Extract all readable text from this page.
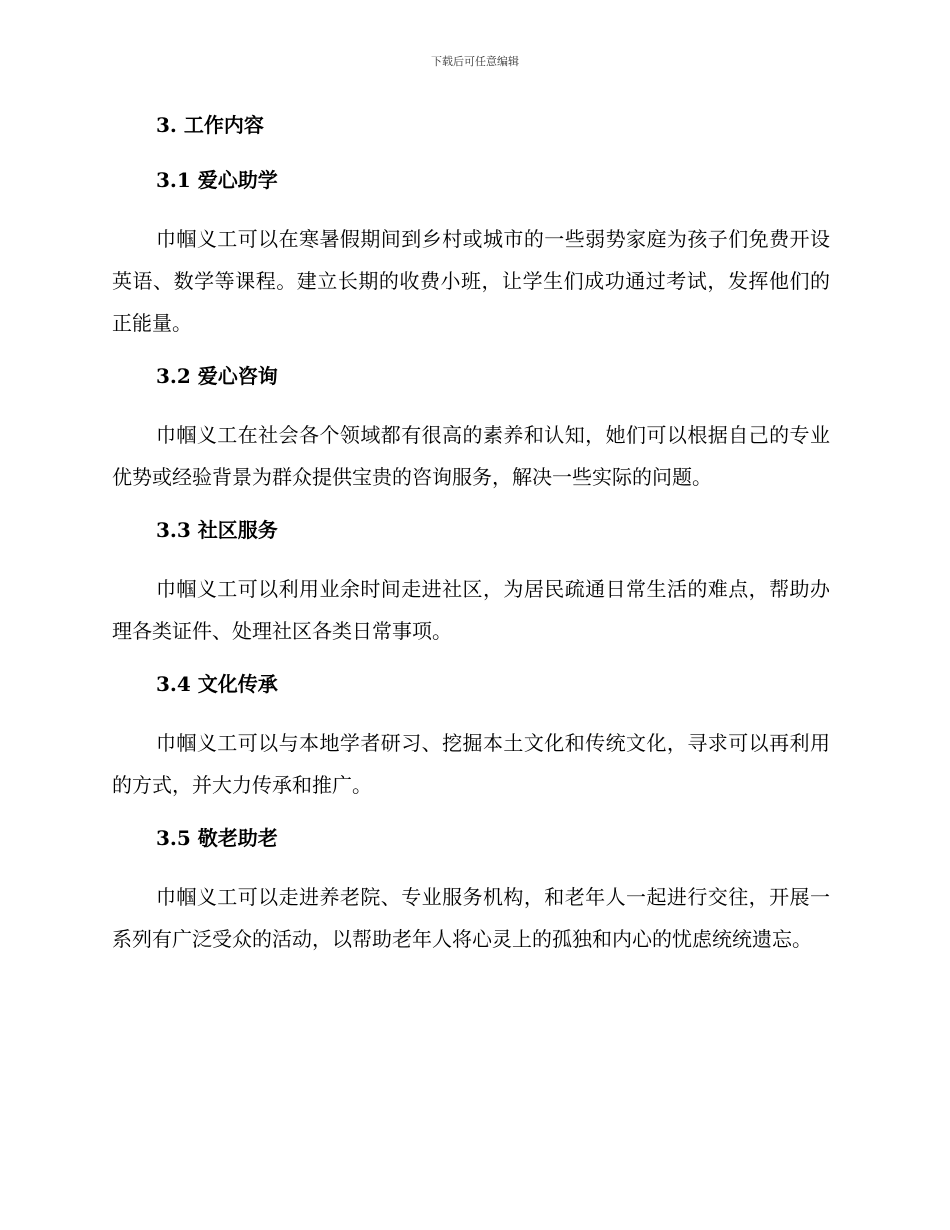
下载后可任意编辑
3. 工作内容
3.1 爱心助学

巾帼义工可以在寒暑假期间到乡村或城市的一些弱势家庭为孩子们免费开设英语、数学等课程。建立长期的收费小班，让学生们成功通过考试，发挥他们的正能量。

3.2 爱心咨询

巾帼义工在社会各个领域都有很高的素养和认知，她们可以根据自己的专业优势或经验背景为群众提供宝贵的咨询服务，解决一些实际的问题。

3.3 社区服务

巾帼义工可以利用业余时间走进社区，为居民疏通日常生活的难点，帮助办理各类证件、处理社区各类日常事项。

3.4 文化传承

巾帼义工可以与本地学者研习、挖掘本土文化和传统文化，寻求可以再利用的方式，并大力传承和推广。

3.5 敬老助老

巾帼义工可以走进养老院、专业服务机构，和老年人一起进行交往，开展一系列有广泛受众的活动，以帮助老年人将心灵上的孤独和内心的忧虑统统遗忘。
